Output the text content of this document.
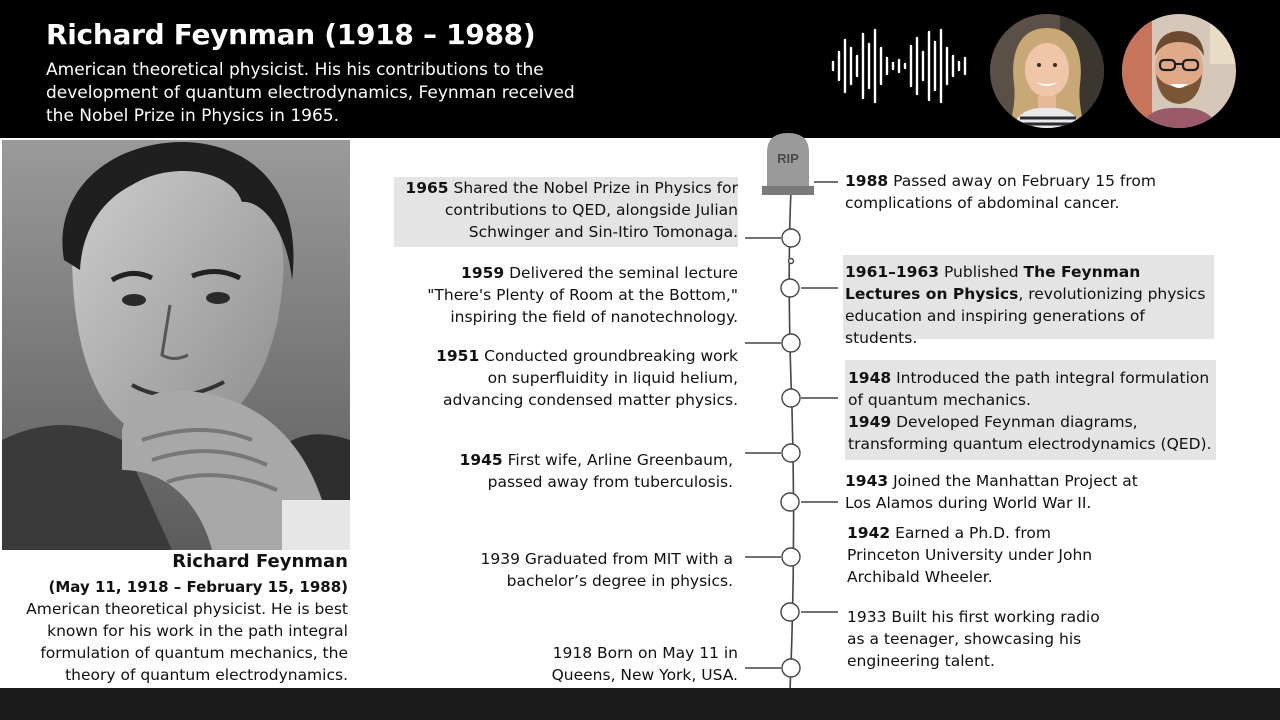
Richard Feynman (1918 – 1988)

American theoretical physicist. His his contributions to the development of quantum electrodynamics, Feynman received the Nobel Prize in Physics in 1965.

Richard Feynman

(May 11, 1918 – February 15, 1988)

American theoretical physicist. He is best known for his work in the path integral formulation of quantum mechanics, the theory of quantum electrodynamics.

RIP

1965 Shared the Nobel Prize in Physics for contributions to QED, alongside Julian Schwinger and Sin-Itiro Tomonaga.

1959 Delivered the seminal lecture "There's Plenty of Room at the Bottom," inspiring the field of nanotechnology.

1951 Conducted groundbreaking work on superfluidity in liquid helium, advancing condensed matter physics.

1945 First wife, Arline Greenbaum, passed away from tuberculosis.

1939 Graduated from MIT with a bachelor’s degree in physics.

1918 Born on May 11 in Queens, New York, USA.

1988 Passed away on February 15 from complications of abdominal cancer.

1961–1963 Published The Feynman Lectures on Physics, revolutionizing physics education and inspiring generations of students.

1948 Introduced the path integral formulation of quantum mechanics.
1949 Developed Feynman diagrams, transforming quantum electrodynamics (QED).

1943 Joined the Manhattan Project at Los Alamos during World War II.

1942 Earned a Ph.D. from Princeton University under John Archibald Wheeler.

1933 Built his first working radio as a teenager, showcasing his engineering talent.
